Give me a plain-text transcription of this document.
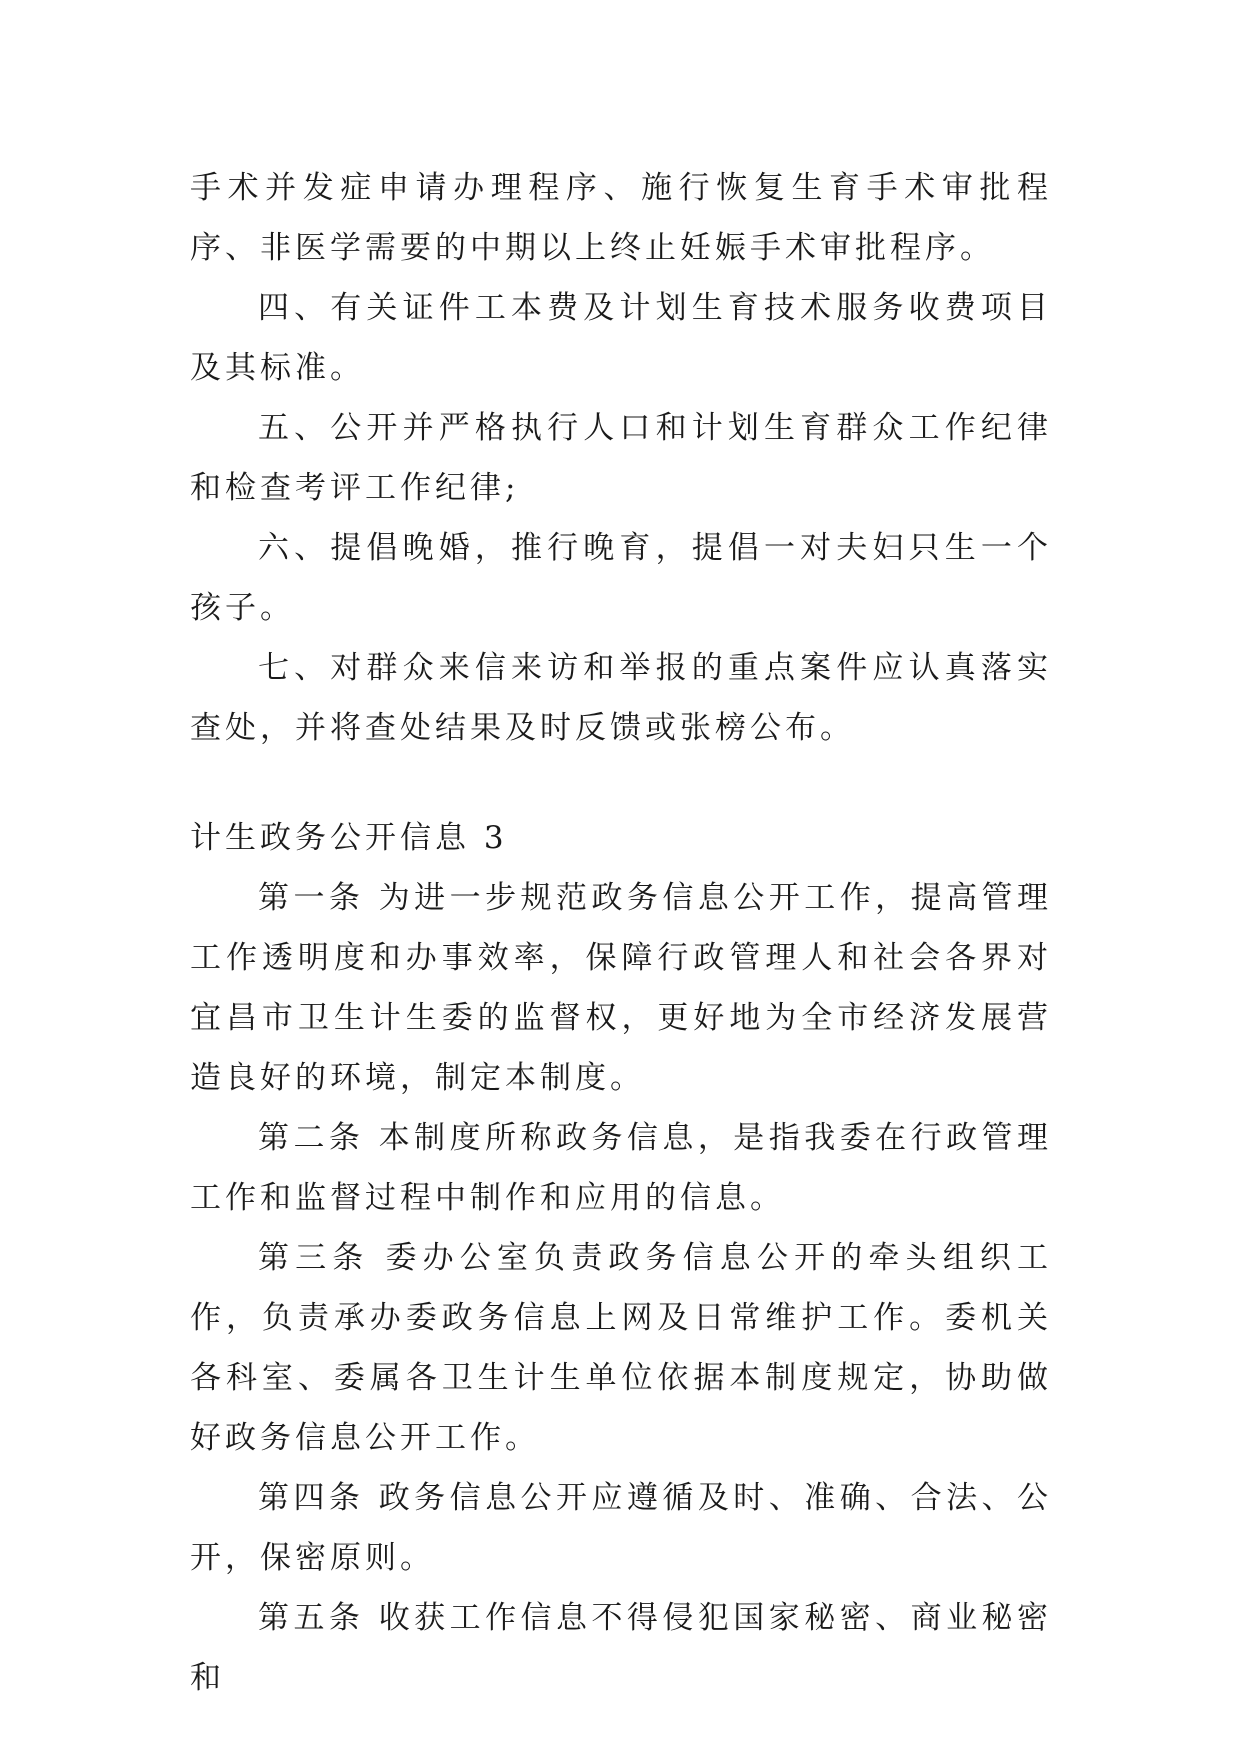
手术并发症申请办理程序、施行恢复生育手术审批程序、非医学需要的中期以上终止妊娠手术审批程序。

四、有关证件工本费及计划生育技术服务收费项目及其标准。

五、公开并严格执行人口和计划生育群众工作纪律和检查考评工作纪律;

六、提倡晚婚，推行晚育，提倡一对夫妇只生一个孩子。

七、对群众来信来访和举报的重点案件应认真落实查处，并将查处结果及时反馈或张榜公布。

计生政务公开信息 3

第一条 为进一步规范政务信息公开工作，提高管理工作透明度和办事效率，保障行政管理人和社会各界对宜昌市卫生计生委的监督权，更好地为全市经济发展营造良好的环境，制定本制度。

第二条 本制度所称政务信息，是指我委在行政管理工作和监督过程中制作和应用的信息。

第三条 委办公室负责政务信息公开的牵头组织工作，负责承办委政务信息上网及日常维护工作。委机关各科室、委属各卫生计生单位依据本制度规定，协助做好政务信息公开工作。

第四条 政务信息公开应遵循及时、准确、合法、公开，保密原则。

第五条 收获工作信息不得侵犯国家秘密、商业秘密和
